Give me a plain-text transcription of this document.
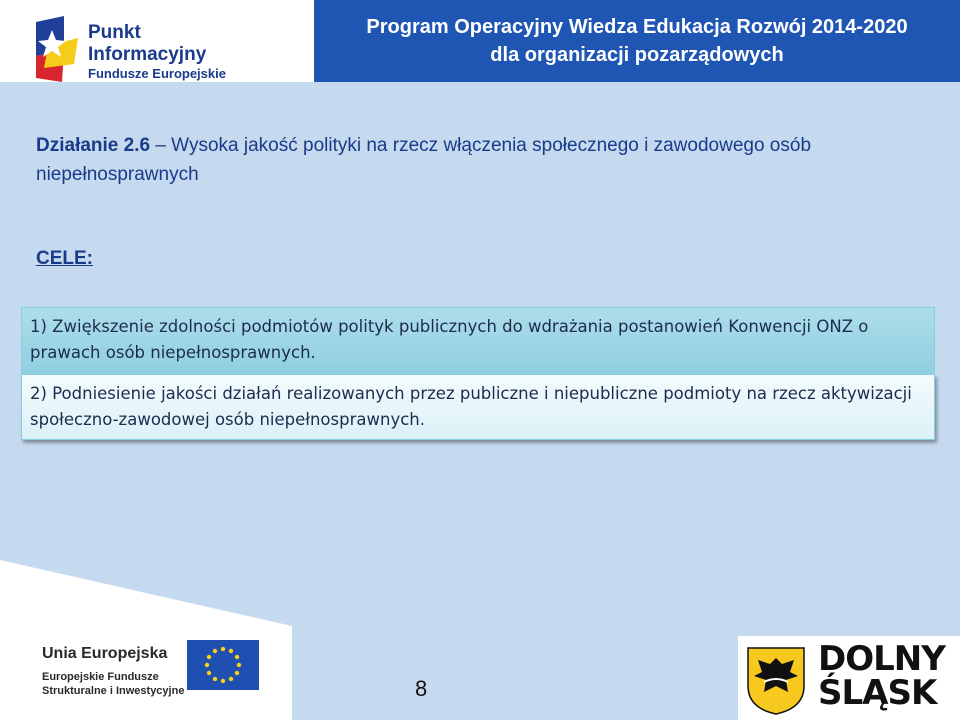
Program Operacyjny Wiedza Edukacja Rozwój 2014-2020
dla organizacji pozarządowych
Punkt
Informacyjny
Fundusze Europejskie
Działanie 2.6 – Wysoka jakość polityki na rzecz włączenia społecznego i zawodowego osób niepełnosprawnych
CELE:
1) Zwiększenie zdolności podmiotów polityk publicznych do wdrażania postanowień Konwencji ONZ o prawach osób niepełnosprawnych.
2) Podniesienie jakości działań realizowanych przez publiczne i niepubliczne podmioty na rzecz aktywizacji społeczno-zawodowej osób niepełnosprawnych.
Unia Europejska
Europejskie Fundusze
Strukturalne i Inwestycyjne	8
DOLNY
ŚLĄSK
